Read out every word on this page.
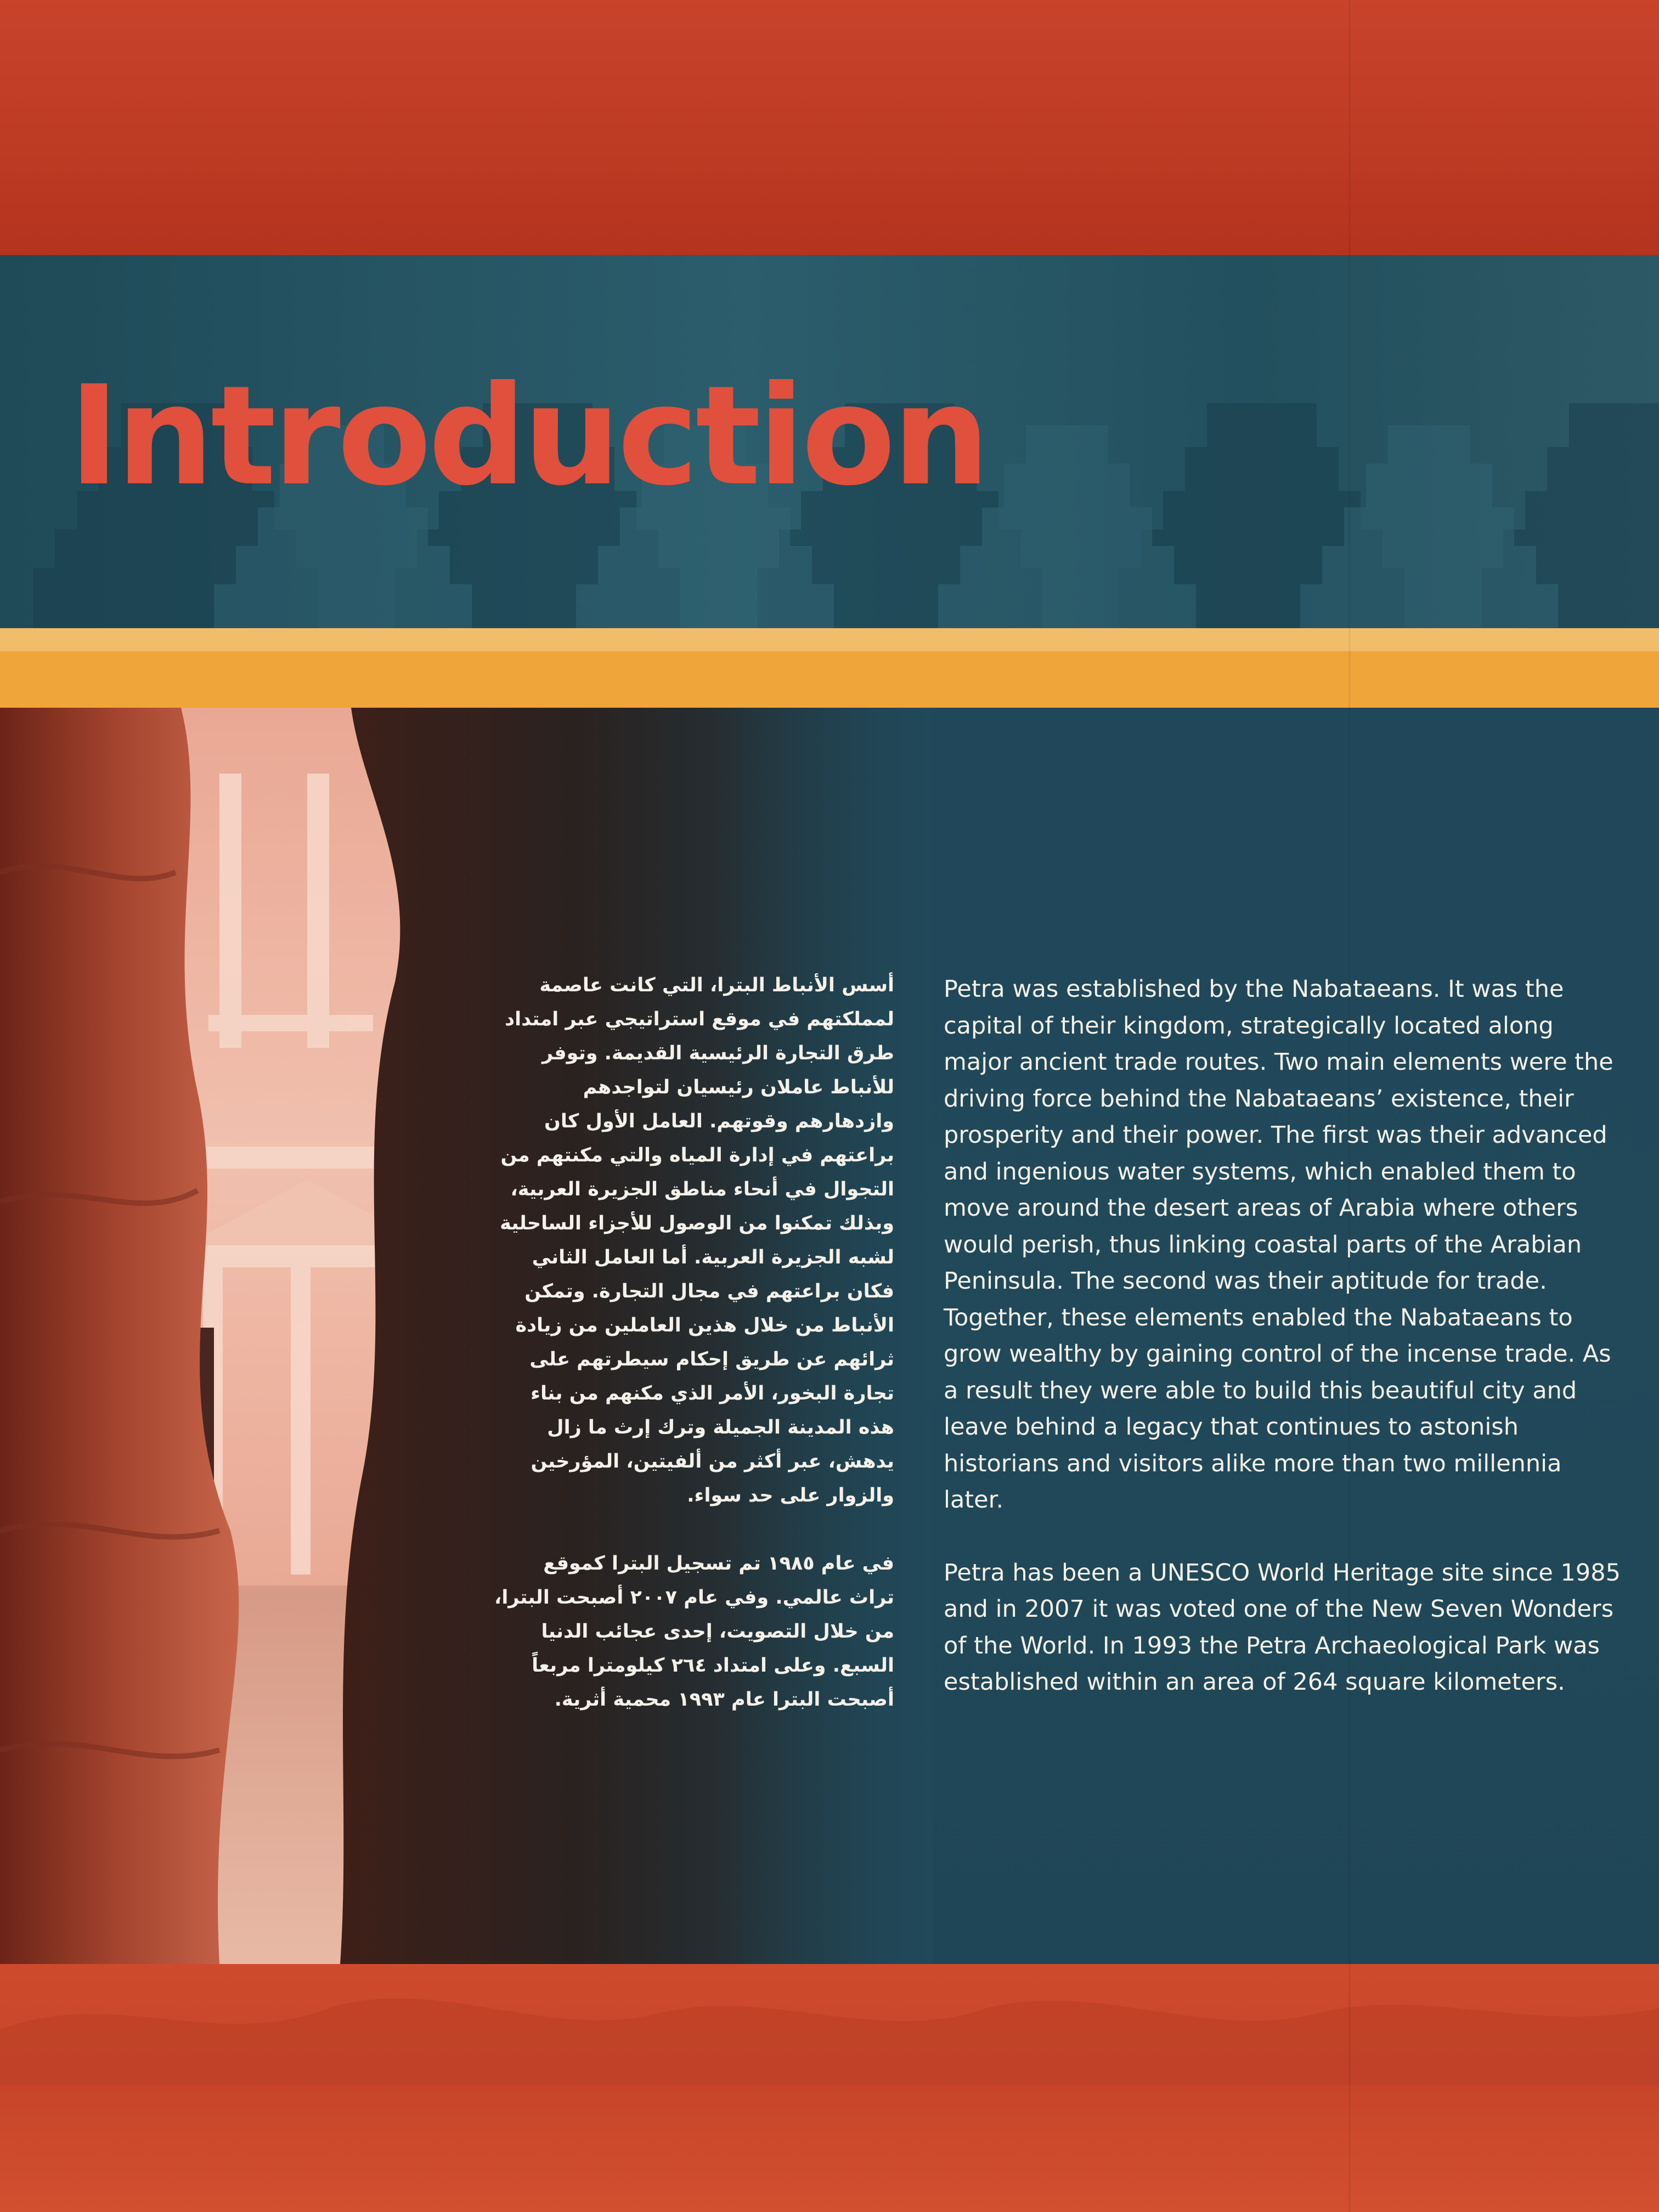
Introduction

أسس الأنباط البترا، التي كانت عاصمة لمملكتهم في موقع استراتيجي عبر امتداد طرق التجارة الرئيسية القديمة. وتوفر للأنباط عاملان رئيسيان لتواجدهم وازدهارهم وقوتهم. العامل الأول كان براعتهم في إدارة المياه والتي مكنتهم من التجوال في أنحاء مناطق الجزيرة العربية، وبذلك تمكنوا من الوصول للأجزاء الساحلية لشبه الجزيرة العربية. أما العامل الثاني فكان براعتهم في مجال التجارة. وتمكن الأنباط من خلال هذين العاملين من زيادة ثرائهم عن طريق إحكام سيطرتهم على تجارة البخور، الأمر الذي مكنهم من بناء هذه المدينة الجميلة وترك إرث ما زال يدهش، عبر أكثر من ألفيتين، المؤرخين والزوار على حد سواء.

في عام ١٩٨٥ تم تسجيل البترا كموقع تراث عالمي. وفي عام ٢٠٠٧ أصبحت البترا، من خلال التصويت، إحدى عجائب الدنيا السبع. وعلى امتداد ٢٦٤ كيلومترا مربعاً أصبحت البترا عام ١٩٩٣ محمية أثرية.

Petra was established by the Nabataeans. It was the capital of their kingdom, strategically located along major ancient trade routes. Two main elements were the driving force behind the Nabataeans’ existence, their prosperity and their power. The first was their advanced and ingenious water systems, which enabled them to move around the desert areas of Arabia where others would perish, thus linking coastal parts of the Arabian Peninsula. The second was their aptitude for trade. Together, these elements enabled the Nabataeans to grow wealthy by gaining control of the incense trade. As a result they were able to build this beautiful city and leave behind a legacy that continues to astonish historians and visitors alike more than two millennia later.

Petra has been a UNESCO World Heritage site since 1985 and in 2007 it was voted one of the New Seven Wonders of the World. In 1993 the Petra Archaeological Park was established within an area of 264 square kilometers.
